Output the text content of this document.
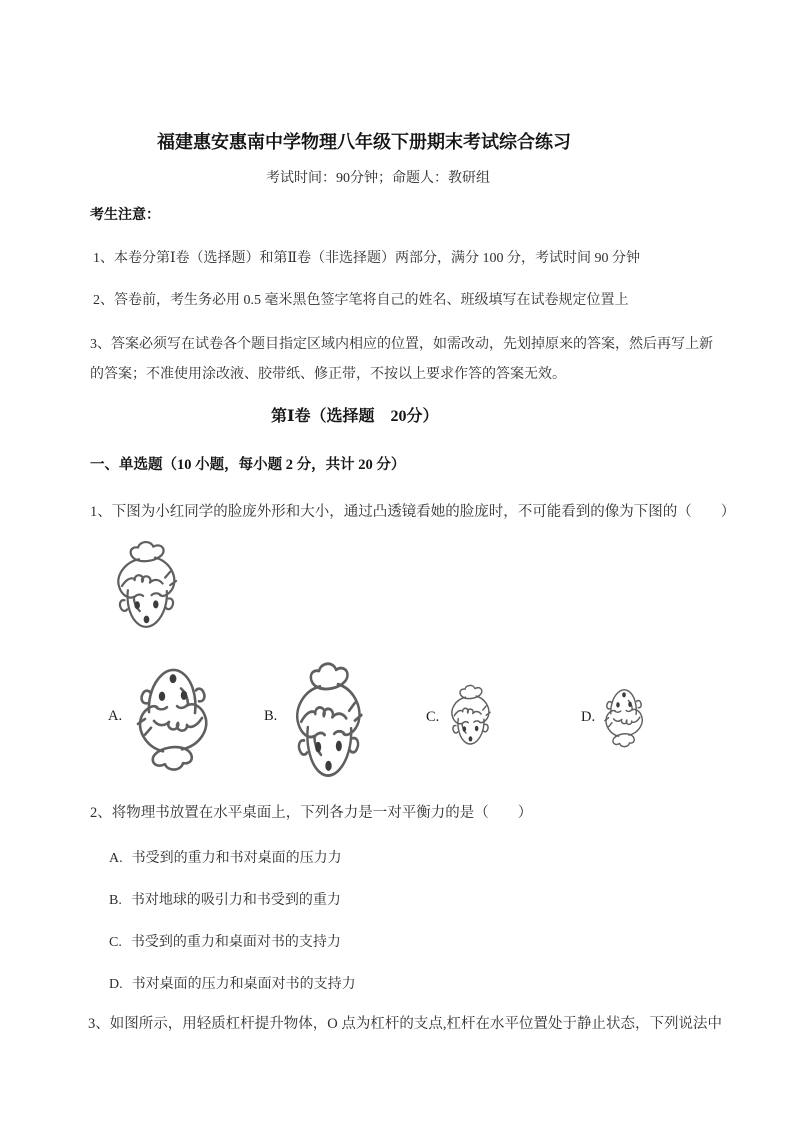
福建惠安惠南中学物理八年级下册期末考试综合练习
考试时间：90分钟；命题人：教研组
考生注意：
1、本卷分第Ⅰ卷（选择题）和第Ⅱ卷（非选择题）两部分，满分 100 分，考试时间 90 分钟
2、答卷前，考生务必用 0.5 毫米黑色签字笔将自己的姓名、班级填写在试卷规定位置上
3、答案必须写在试卷各个题目指定区域内相应的位置，如需改动，先划掉原来的答案，然后再写上新的答案；不准使用涂改液、胶带纸、修正带，不按以上要求作答的答案无效。
第Ⅰ卷（选择题　20分）
一、单选题（10 小题，每小题 2 分，共计 20 分）
1、下图为小红同学的脸庞外形和大小，通过凸透镜看她的脸庞时，不可能看到的像为下图的（　　）
A.	B.	C.	D.
2、将物理书放置在水平桌面上，下列各力是一对平衡力的是（　　）
A. 书受到的重力和书对桌面的压力力
B. 书对地球的吸引力和书受到的重力
C. 书受到的重力和桌面对书的支持力
D. 书对桌面的压力和桌面对书的支持力
3、如图所示，用轻质杠杆提升物体，O 点为杠杆的支点,杠杆在水平位置处于静止状态，下列说法中
